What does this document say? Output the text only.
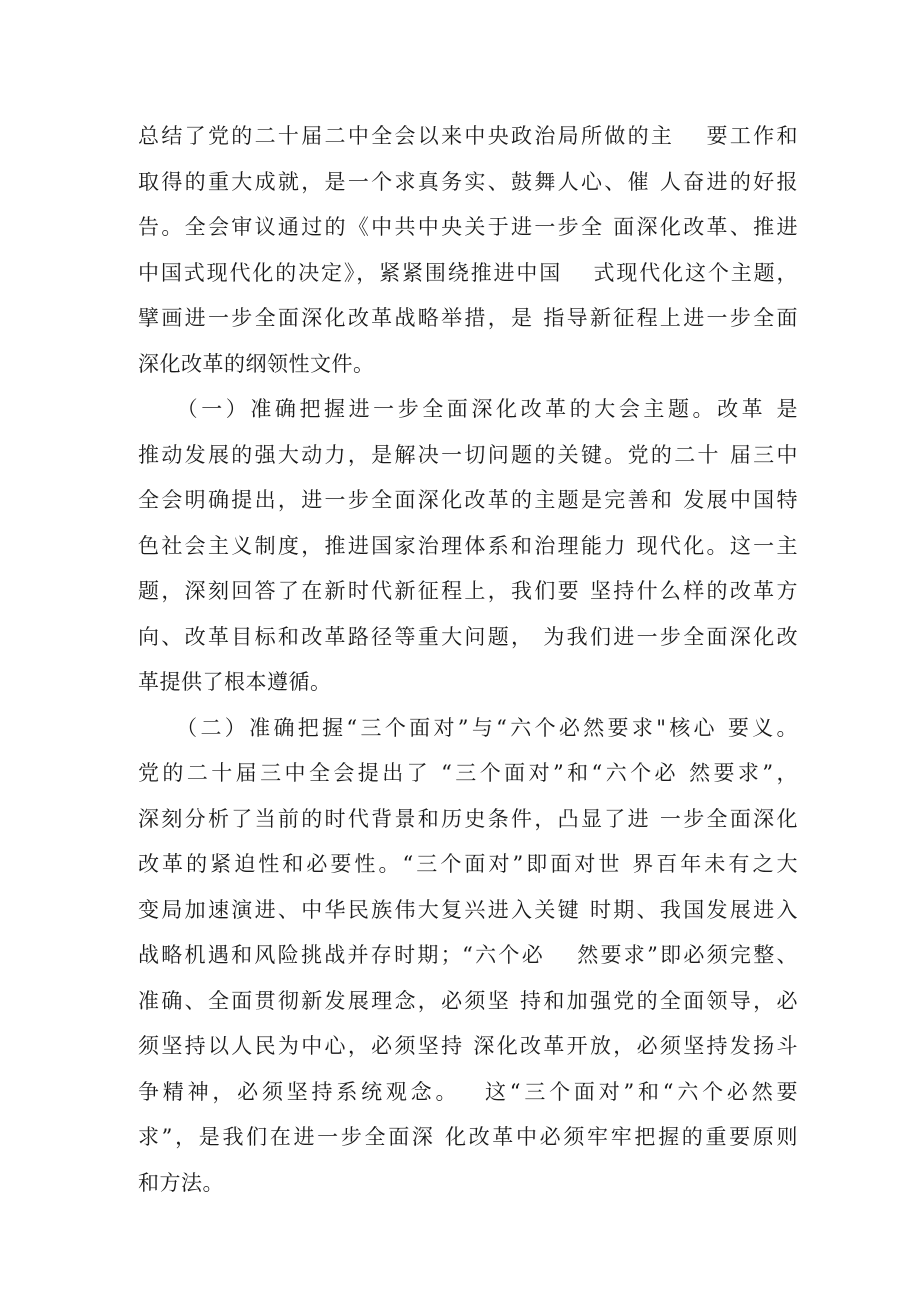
总结了党的二十届二中全会以来中央政治局所做的主　 要工作和
取得的重大成就，是一个求真务实、鼓舞人心、催 人奋进的好报
告。全会审议通过的《中共中央关于进一步全 面深化改革、推进
中国式现代化的决定》，紧紧围绕推进中国　 式现代化这个主题，
擘画进一步全面深化改革战略举措，是 指导新征程上进一步全面
深化改革的纲领性文件。
　　（一）准确把握进一步全面深化改革的大会主题。改革 是
推动发展的强大动力，是解决一切问题的关键。党的二十 届三中
全会明确提出，进一步全面深化改革的主题是完善和 发展中国特
色社会主义制度，推进国家治理体系和治理能力 现代化。这一主
题，深刻回答了在新时代新征程上，我们要 坚持什么样的改革方
向、改革目标和改革路径等重大问题， 为我们进一步全面深化改
革提供了根本遵循。
　　（二）准确把握“三个面对”与“六个必然要求"核心 要义。
党的二十届三中全会提出了 “三个面对”和“六个必 然要求”，
深刻分析了当前的时代背景和历史条件，凸显了进 一步全面深化
改革的紧迫性和必要性。“三个面对”即面对世 界百年未有之大
变局加速演进、中华民族伟大复兴进入关键 时期、我国发展进入
战略机遇和风险挑战并存时期；“六个必　 然要求”即必须完整、
准确、全面贯彻新发展理念，必须坚 持和加强党的全面领导，必
须坚持以人民为中心，必须坚持 深化改革开放，必须坚持发扬斗
争精神，必须坚持系统观念。　 这“三个面对”和“六个必然要
求”，是我们在进一步全面深 化改革中必须牢牢把握的重要原则
和方法。
